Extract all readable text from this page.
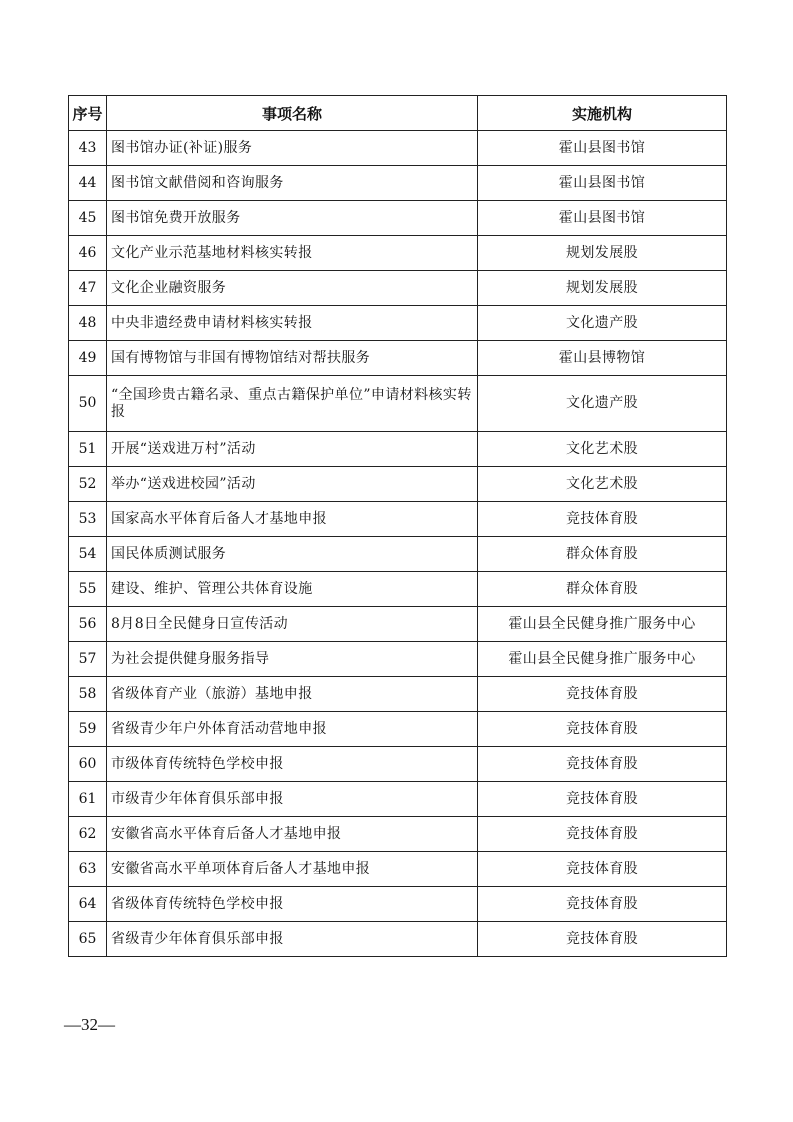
序号	事项名称	实施机构
43	图书馆办证(补证)服务	霍山县图书馆
44	图书馆文献借阅和咨询服务	霍山县图书馆
45	图书馆免费开放服务	霍山县图书馆
46	文化产业示范基地材料核实转报	规划发展股
47	文化企业融资服务	规划发展股
48	中央非遗经费申请材料核实转报	文化遗产股
49	国有博物馆与非国有博物馆结对帮扶服务	霍山县博物馆
50	“全国珍贵古籍名录、重点古籍保护单位”申请材料核实转报	文化遗产股
51	开展“送戏进万村”活动	文化艺术股
52	举办“送戏进校园”活动	文化艺术股
53	国家高水平体育后备人才基地申报	竞技体育股
54	国民体质测试服务	群众体育股
55	建设、维护、管理公共体育设施	群众体育股
56	8月8日全民健身日宣传活动	霍山县全民健身推广服务中心
57	为社会提供健身服务指导	霍山县全民健身推广服务中心
58	省级体育产业（旅游）基地申报	竞技体育股
59	省级青少年户外体育活动营地申报	竞技体育股
60	市级体育传统特色学校申报	竞技体育股
61	市级青少年体育俱乐部申报	竞技体育股
62	安徽省高水平体育后备人才基地申报	竞技体育股
63	安徽省高水平单项体育后备人才基地申报	竞技体育股
64	省级体育传统特色学校申报	竞技体育股
65	省级青少年体育俱乐部申报	竞技体育股
—32—
